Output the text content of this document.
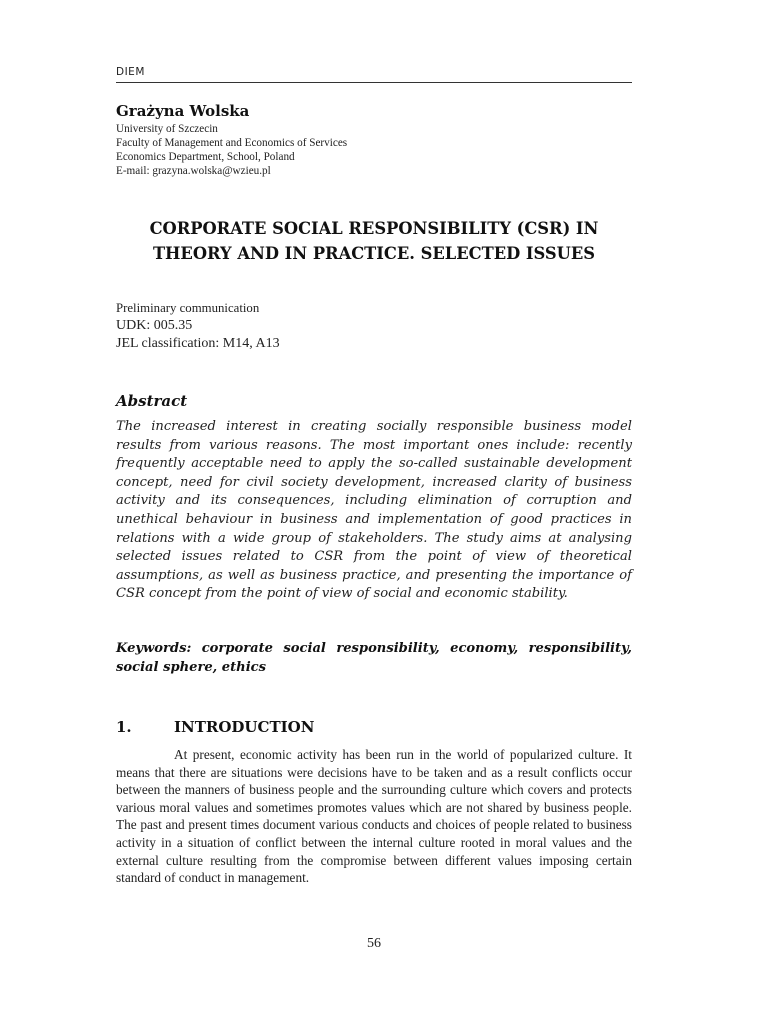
DIEM
Grażyna Wolska
University of Szczecin
Faculty of Management and Economics of Services
Economics Department, School, Poland
E-mail: grazyna.wolska@wzieu.pl
CORPORATE SOCIAL RESPONSIBILITY (CSR) IN THEORY AND IN PRACTICE. SELECTED ISSUES
Preliminary communication
UDK: 005.35
JEL classification: M14, A13
Abstract
The increased interest in creating socially responsible business model results from various reasons. The most important ones include: recently frequently acceptable need to apply the so-called sustainable development concept, need for civil society development, increased clarity of business activity and its consequences, including elimination of corruption and unethical behaviour in business and implementation of good practices in relations with a wide group of stakeholders. The study aims at analysing selected issues related to CSR from the point of view of theoretical assumptions, as well as business practice, and presenting the importance of CSR concept from the point of view of social and economic stability.
Keywords: corporate social responsibility, economy, responsibility, social sphere, ethics
1.	INTRODUCTION
At present, economic activity has been run in the world of popularized culture. It means that there are situations were decisions have to be taken and as a result conflicts occur between the manners of business people and the surrounding culture which covers and protects various moral values and sometimes promotes values which are not shared by business people. The past and present times document various conducts and choices of people related to business activity in a situation of conflict between the internal culture rooted in moral values and the external culture resulting from the compromise between different values imposing certain standard of conduct in management.
56
